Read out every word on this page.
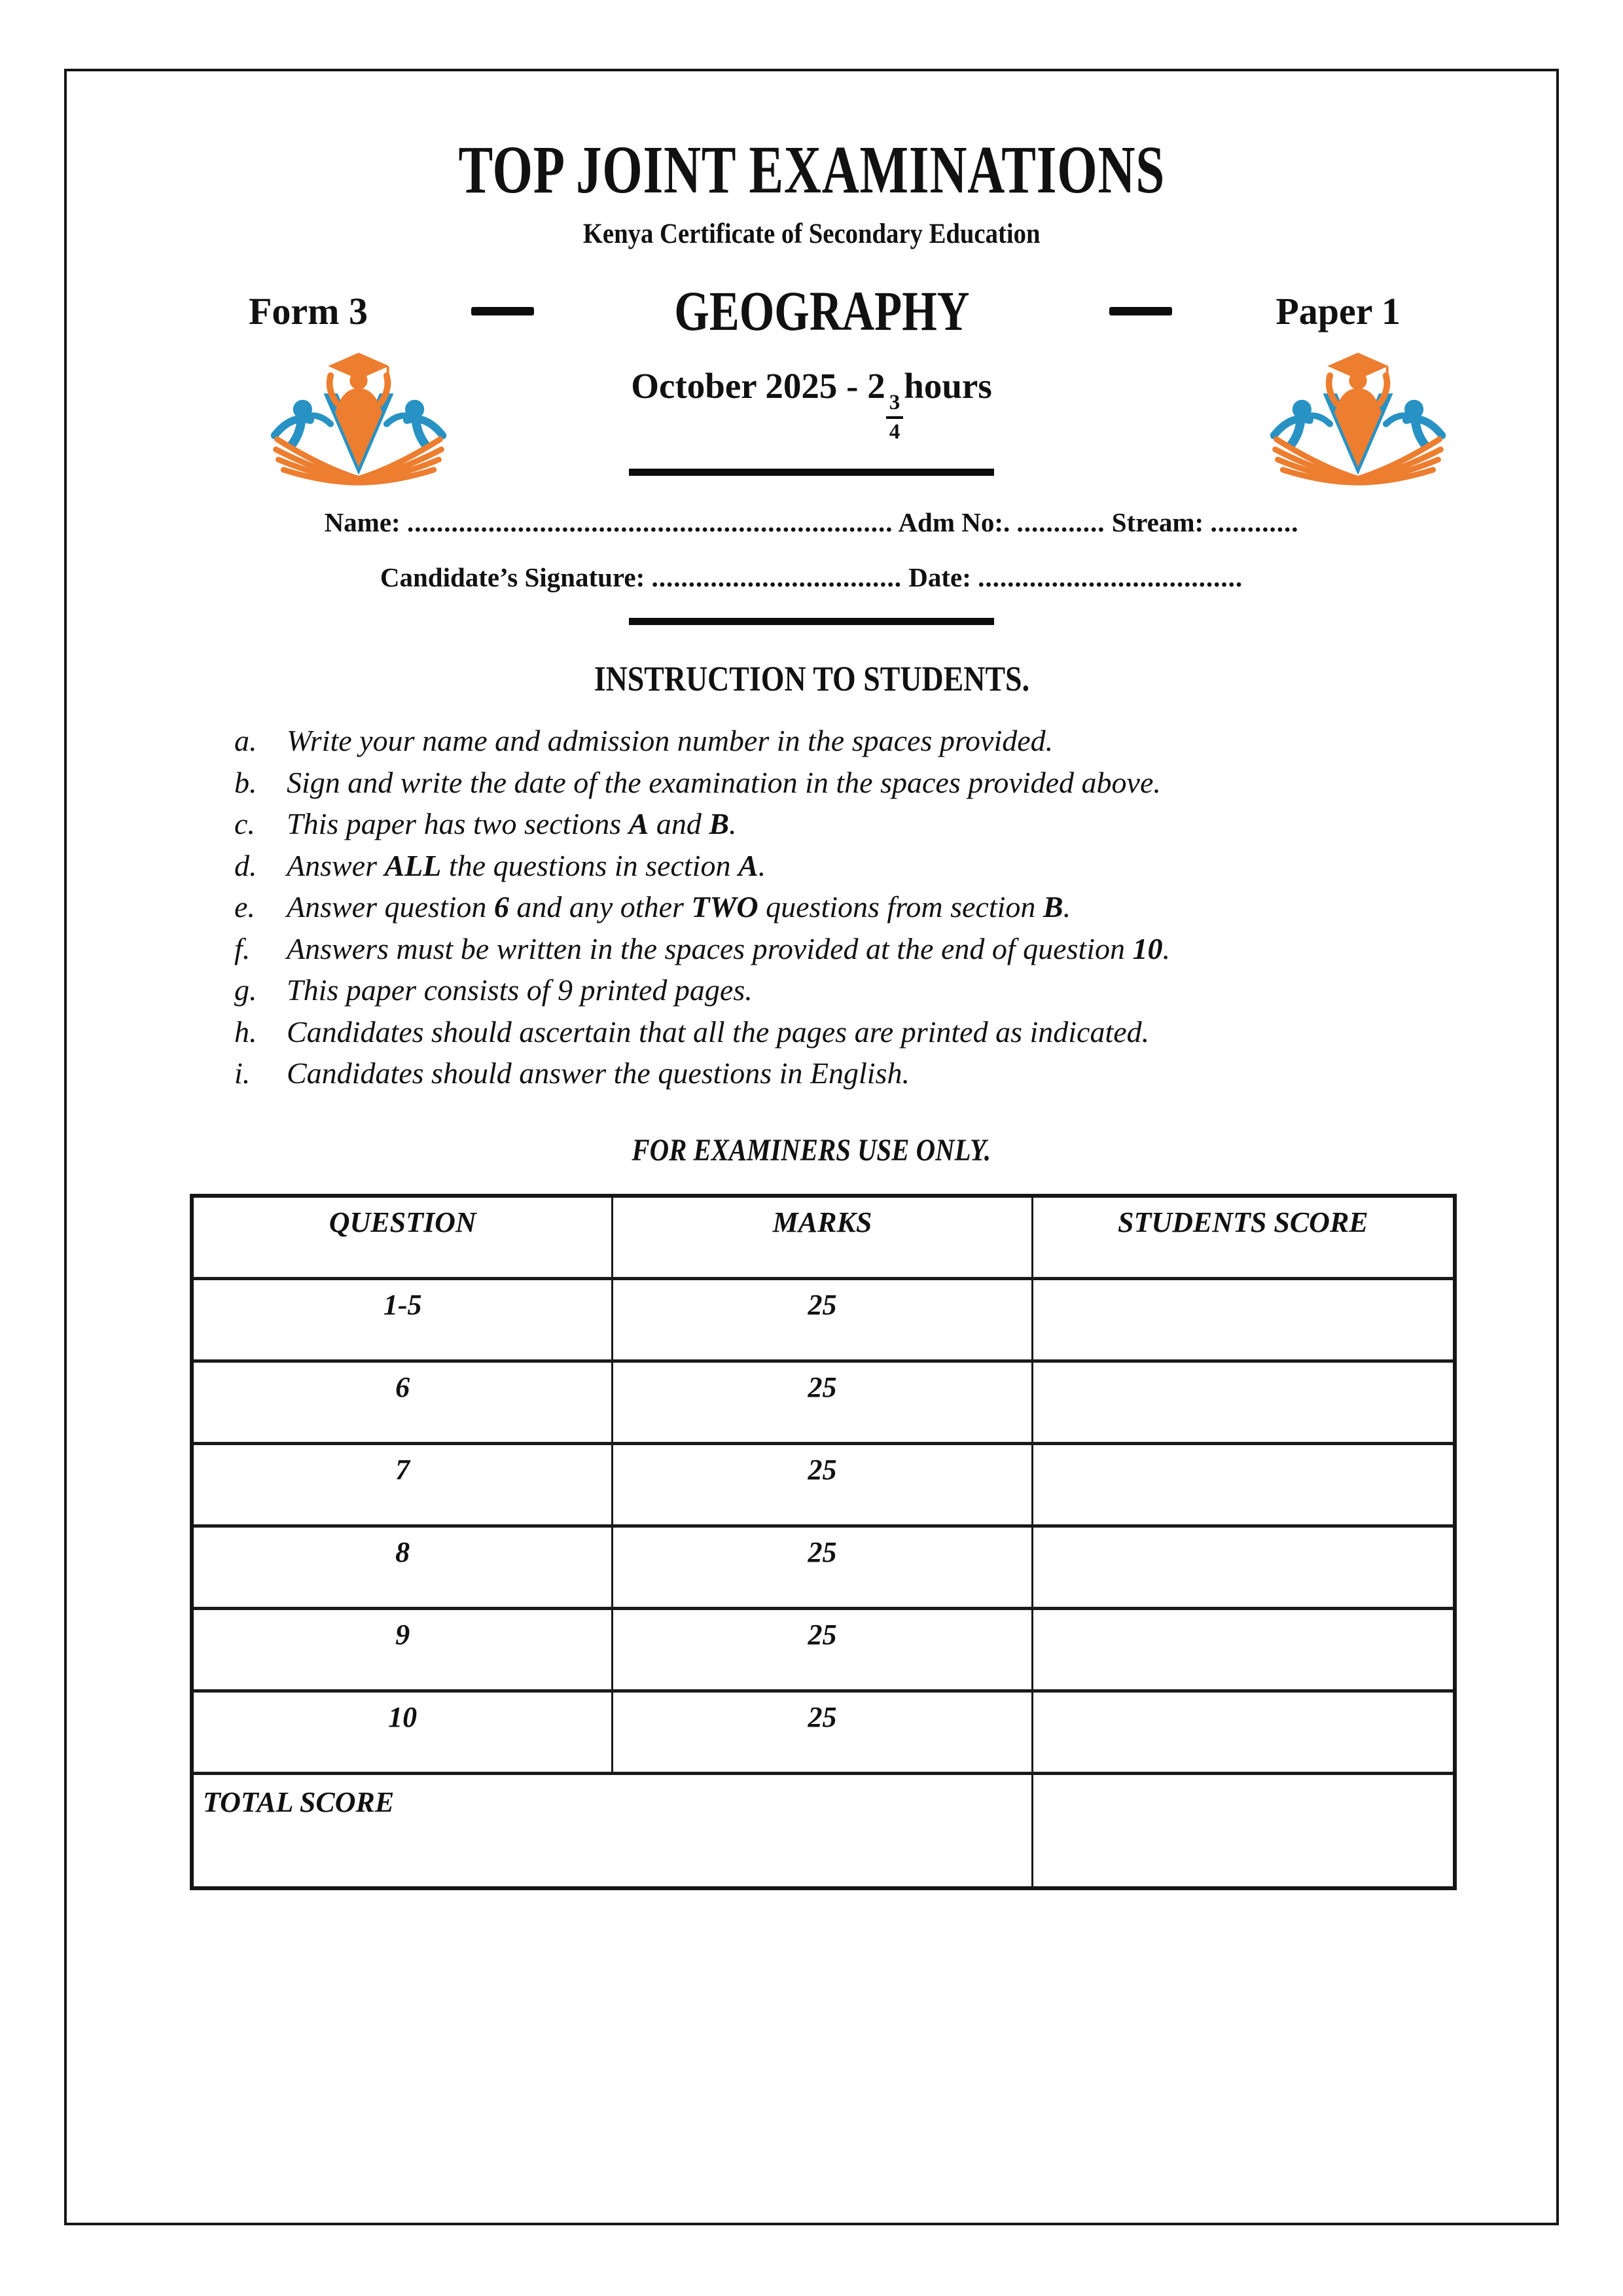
TOP JOINT EXAMINATIONS
Kenya Certificate of Secondary Education
Form 3	GEOGRAPHY	Paper 1
October 2025 - 2
$\frac{3}{4}$
hours
Name: .................................................................. Adm No:. ............ Stream: ............
Candidate’s Signature: .................................. Date: ....................................
INSTRUCTION TO STUDENTS.
a. Write your name and admission number in the spaces provided.
b. Sign and write the date of the examination in the spaces provided above.
c.	This paper has two sections A and B.
d. Answer ALL the questions in section A.
e.	Answer question 6 and any other TWO questions from section B.
f.	Answers must be written in the spaces provided at the end of question 10.
g. This paper consists of 9 printed pages.
h. Candidates should ascertain that all the pages are printed as indicated.
i.	Candidates should answer the questions in English.
FOR EXAMINERS USE ONLY.
QUESTION	MARKS	STUDENTS SCORE
1-5	25
6	25
7	25
8	25
9	25
10	25
TOTAL SCORE
